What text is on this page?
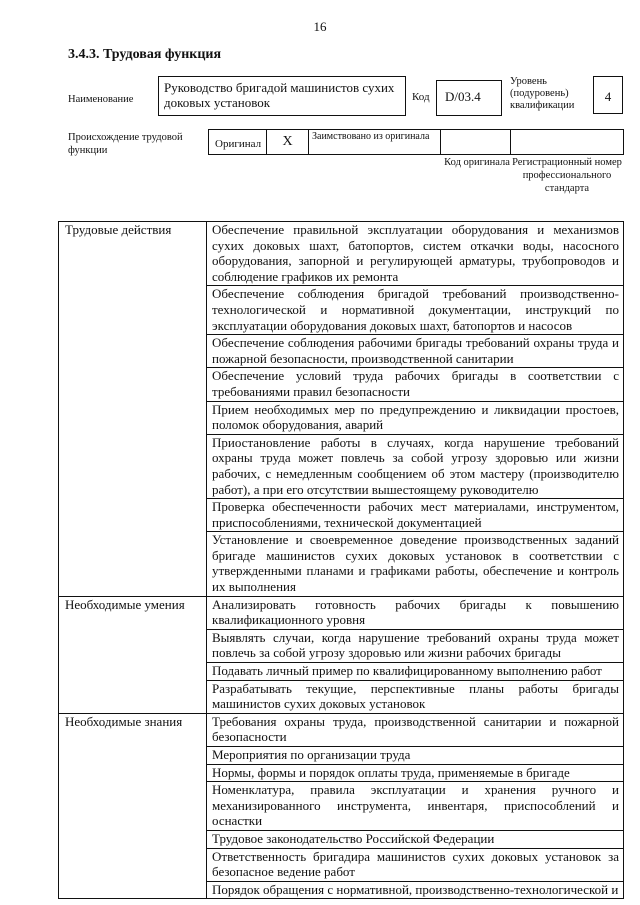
16
3.4.3. Трудовая функция
Наименование
Руководство бригадой машинистов сухих доковых установок	Код	D/03.4
Уровень (подуровень) квалификации
4
Происхождение трудовой функции
Оригинал	X	Заимствовано из оригинала
Код оригинала Регистрационный номер профессионального стандарта
Трудовые действия	Обеспечение правильной эксплуатации оборудования и механизмов сухих доковых шахт, батопортов, систем откачки воды, насосного оборудования, запорной и регулирующей арматуры, трубопроводов и соблюдение графиков их ремонта
	Обеспечение соблюдения бригадой требований производственно-технологической и нормативной документации, инструкций по эксплуатации оборудования доковых шахт, батопортов и насосов
	Обеспечение соблюдения рабочими бригады требований охраны труда и пожарной безопасности, производственной санитарии
	Обеспечение условий труда рабочих бригады в соответствии с требованиями правил безопасности
	Прием необходимых мер по предупреждению и ликвидации простоев, поломок оборудования, аварий
	Приостановление работы в случаях, когда нарушение требований охраны труда может повлечь за собой угрозу здоровью или жизни рабочих, с немедленным сообщением об этом мастеру (производителю работ), а при его отсутствии вышестоящему руководителю
	Проверка обеспеченности рабочих мест материалами, инструментом, приспособлениями, технической документацией
	Установление и своевременное доведение производственных заданий бригаде машинистов сухих доковых установок в соответствии с утвержденными планами и графиками работы, обеспечение и контроль их выполнения
Необходимые умения	Анализировать готовность рабочих бригады к повышению квалификационного уровня
	Выявлять случаи, когда нарушение требований охраны труда может повлечь за собой угрозу здоровью или жизни рабочих бригады
	Подавать личный пример по квалифицированному выполнению работ
	Разрабатывать текущие, перспективные планы работы бригады машинистов сухих доковых установок
Необходимые знания	Требования охраны труда, производственной санитарии и пожарной безопасности
	Мероприятия по организации труда
	Нормы, формы и порядок оплаты труда, применяемые в бригаде
	Номенклатура, правила эксплуатации и хранения ручного и механизированного инструмента, инвентаря, приспособлений и оснастки
	Трудовое законодательство Российской Федерации
	Ответственность бригадира машинистов сухих доковых установок за безопасное ведение работ
	Порядок обращения с нормативной, производственно-технологической и
